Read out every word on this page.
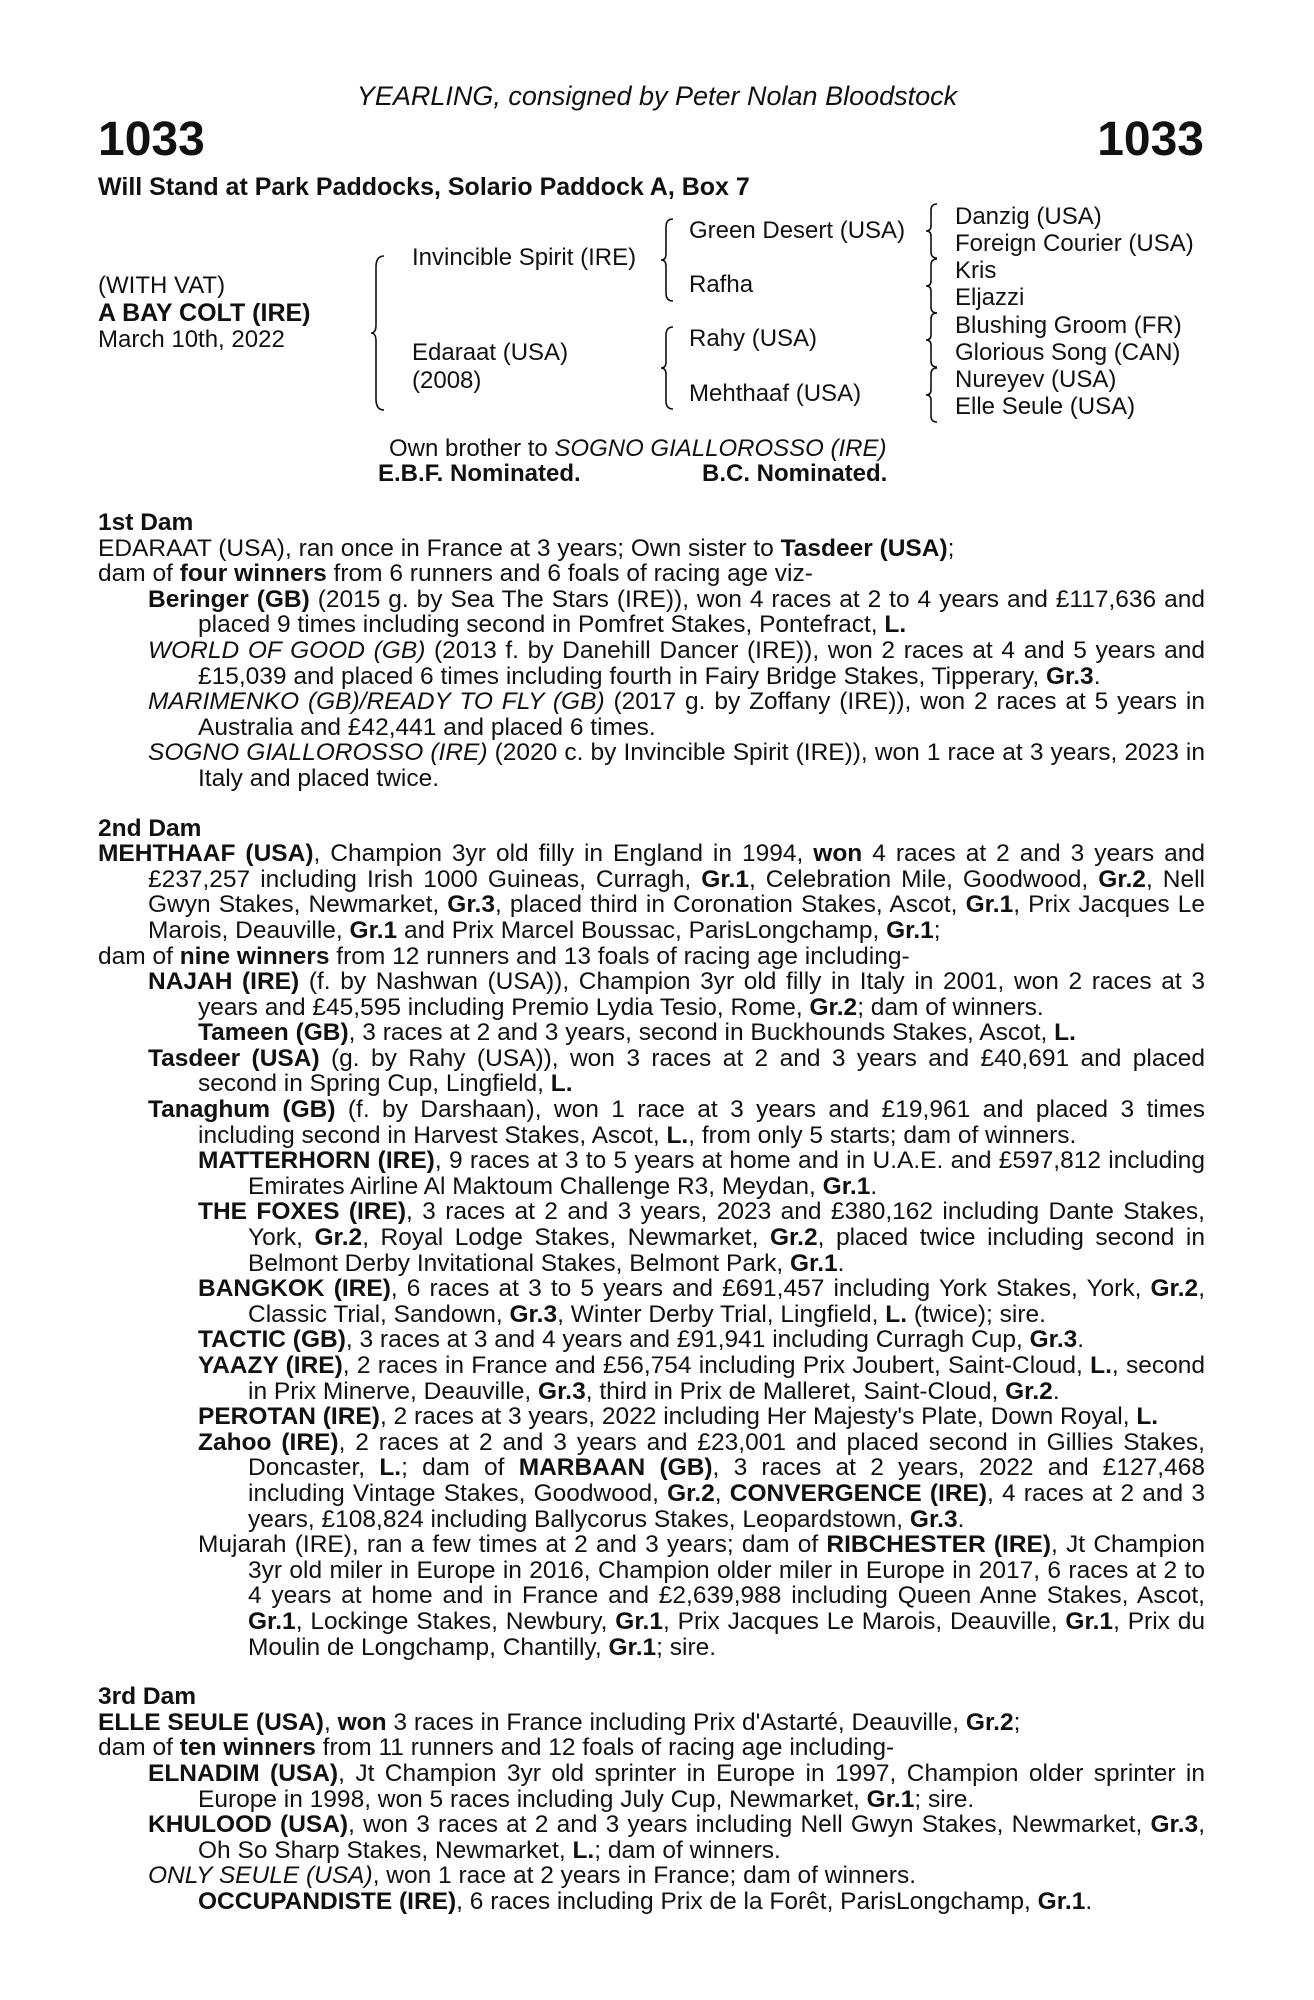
YEARLING, consigned by Peter Nolan Bloodstock
1033	1033
Will Stand at Park Paddocks, Solario Paddock A, Box 7
(WITH VAT)
A BAY COLT (IRE)
March 10th, 2022
Invincible Spirit (IRE)
Edaraat (USA)
(2008)
Green Desert (USA)
Rafha
Rahy (USA)
Mehthaaf (USA)
Danzig (USA)
Foreign Courier (USA)
Kris
Eljazzi
Blushing Groom (FR)
Glorious Song (CAN)
Nureyev (USA)
Elle Seule (USA)
Own brother to SOGNO GIALLOROSSO (IRE)
E.B.F. Nominated.	B.C. Nominated.

1st Dam

EDARAAT (USA), ran once in France at 3 years; Own sister to Tasdeer (USA);

dam of four winners from 6 runners and 6 foals of racing age viz-

Beringer (GB) (2015 g. by Sea The Stars (IRE)), won 4 races at 2 to 4 years and £117,636 and placed 9 times including second in Pomfret Stakes, Pontefract, L.

WORLD OF GOOD (GB) (2013 f. by Danehill Dancer (IRE)), won 2 races at 4 and 5 years and £15,039 and placed 6 times including fourth in Fairy Bridge Stakes, Tipperary, Gr.3.

MARIMENKO (GB)/READY TO FLY (GB) (2017 g. by Zoffany (IRE)), won 2 races at 5 years in Australia and £42,441 and placed 6 times.

SOGNO GIALLOROSSO (IRE) (2020 c. by Invincible Spirit (IRE)), won 1 race at 3 years, 2023 in Italy and placed twice.

2nd Dam

MEHTHAAF (USA), Champion 3yr old filly in England in 1994, won 4 races at 2 and 3 years and £237,257 including Irish 1000 Guineas, Curragh, Gr.1, Celebration Mile, Goodwood, Gr.2, Nell Gwyn Stakes, Newmarket, Gr.3, placed third in Coronation Stakes, Ascot, Gr.1, Prix Jacques Le Marois, Deauville, Gr.1 and Prix Marcel Boussac, ParisLongchamp, Gr.1;

dam of nine winners from 12 runners and 13 foals of racing age including-

NAJAH (IRE) (f. by Nashwan (USA)), Champion 3yr old filly in Italy in 2001, won 2 races at 3 years and £45,595 including Premio Lydia Tesio, Rome, Gr.2; dam of winners.

Tameen (GB), 3 races at 2 and 3 years, second in Buckhounds Stakes, Ascot, L.

Tasdeer (USA) (g. by Rahy (USA)), won 3 races at 2 and 3 years and £40,691 and placed second in Spring Cup, Lingfield, L.

Tanaghum (GB) (f. by Darshaan), won 1 race at 3 years and £19,961 and placed 3 times including second in Harvest Stakes, Ascot, L., from only 5 starts; dam of winners.

MATTERHORN (IRE), 9 races at 3 to 5 years at home and in U.A.E. and £597,812 including Emirates Airline Al Maktoum Challenge R3, Meydan, Gr.1.

THE FOXES (IRE), 3 races at 2 and 3 years, 2023 and £380,162 including Dante Stakes, York, Gr.2, Royal Lodge Stakes, Newmarket, Gr.2, placed twice including second in Belmont Derby Invitational Stakes, Belmont Park, Gr.1.

BANGKOK (IRE), 6 races at 3 to 5 years and £691,457 including York Stakes, York, Gr.2, Classic Trial, Sandown, Gr.3, Winter Derby Trial, Lingfield, L. (twice); sire.

TACTIC (GB), 3 races at 3 and 4 years and £91,941 including Curragh Cup, Gr.3.

YAAZY (IRE), 2 races in France and £56,754 including Prix Joubert, Saint-Cloud, L., second in Prix Minerve, Deauville, Gr.3, third in Prix de Malleret, Saint-Cloud, Gr.2.

PEROTAN (IRE), 2 races at 3 years, 2022 including Her Majesty's Plate, Down Royal, L.

Zahoo (IRE), 2 races at 2 and 3 years and £23,001 and placed second in Gillies Stakes, Doncaster, L.; dam of MARBAAN (GB), 3 races at 2 years, 2022 and £127,468 including Vintage Stakes, Goodwood, Gr.2, CONVERGENCE (IRE), 4 races at 2 and 3 years, £108,824 including Ballycorus Stakes, Leopardstown, Gr.3.

Mujarah (IRE), ran a few times at 2 and 3 years; dam of RIBCHESTER (IRE), Jt Champion 3yr old miler in Europe in 2016, Champion older miler in Europe in 2017, 6 races at 2 to 4 years at home and in France and £2,639,988 including Queen Anne Stakes, Ascot, Gr.1, Lockinge Stakes, Newbury, Gr.1, Prix Jacques Le Marois, Deauville, Gr.1, Prix du Moulin de Longchamp, Chantilly, Gr.1; sire.

3rd Dam

ELLE SEULE (USA), won 3 races in France including Prix d'Astarté, Deauville, Gr.2;

dam of ten winners from 11 runners and 12 foals of racing age including-

ELNADIM (USA), Jt Champion 3yr old sprinter in Europe in 1997, Champion older sprinter in Europe in 1998, won 5 races including July Cup, Newmarket, Gr.1; sire.

KHULOOD (USA), won 3 races at 2 and 3 years including Nell Gwyn Stakes, Newmarket, Gr.3, Oh So Sharp Stakes, Newmarket, L.; dam of winners.

ONLY SEULE (USA), won 1 race at 2 years in France; dam of winners.

OCCUPANDISTE (IRE), 6 races including Prix de la Forêt, ParisLongchamp, Gr.1.
